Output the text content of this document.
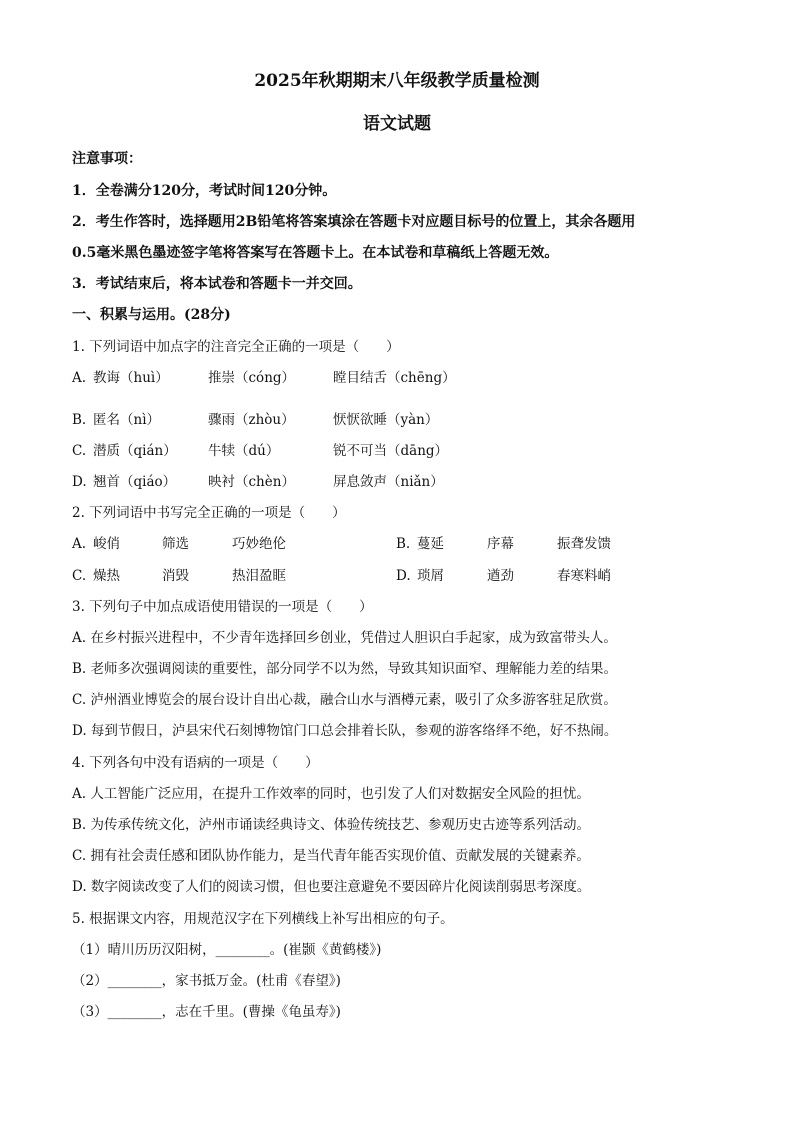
2025年秋期期末八年级教学质量检测
语文试题
注意事项：
1．全卷满分120分，考试时间120分钟。
2．考生作答时，选择题用2B铅笔将答案填涂在答题卡对应题目标号的位置上，其余各题用
0.5毫米黑色墨迹签字笔将答案写在答题卡上。在本试卷和草稿纸上答题无效。
3．考试结束后，将本试卷和答题卡一并交回。
一、积累与运用。(28分)
1. 下列词语中加点字的注音完全正确的一项是（　　）
A. 教诲（huì）	推崇（cóng）	瞠目结舌（chēng）
B. 匿名（nì）	骤雨（zhòu）	恹恹欲睡（yàn）
C. 潜质（qián） 牛犊（dú）	锐不可当（dāng）
D. 翘首（qiáo） 映衬（chèn）	屏息敛声（niǎn）
2. 下列词语中书写完全正确的一项是（　　）
A. 峻俏	筛选	巧妙绝伦	B. 蔓延	序幕	振聋发馈
C. 燥热	消毁	热泪盈眶	D. 琐屑	遒劲	春寒料峭
3. 下列句子中加点成语使用错误的一项是（　　）
A. 在乡村振兴进程中，不少青年选择回乡创业，凭借过人胆识白手起家，成为致富带头人。
B. 老师多次强调阅读的重要性，部分同学不以为然，导致其知识面窄、理解能力差的结果。
C. 泸州酒业博览会的展台设计自出心裁，融合山水与酒樽元素，吸引了众多游客驻足欣赏。
D. 每到节假日，泸县宋代石刻博物馆门口总会排着长队，参观的游客络绎不绝，好不热闹。
4. 下列各句中没有语病的一项是（　　）
A. 人工智能广泛应用，在提升工作效率的同时，也引发了人们对数据安全风险的担忧。
B. 为传承传统文化，泸州市诵读经典诗文、体验传统技艺、参观历史古迹等系列活动。
C. 拥有社会责任感和团队协作能力，是当代青年能否实现价值、贡献发展的关键素养。
D. 数字阅读改变了人们的阅读习惯，但也要注意避免不要因碎片化阅读削弱思考深度。
5. 根据课文内容，用规范汉字在下列横线上补写出相应的句子。
（1）晴川历历汉阳树，________。(崔颢《黄鹤楼》)
（2）________，家书抵万金。(杜甫《春望》)
（3）________，志在千里。(曹操《龟虽寿》)
